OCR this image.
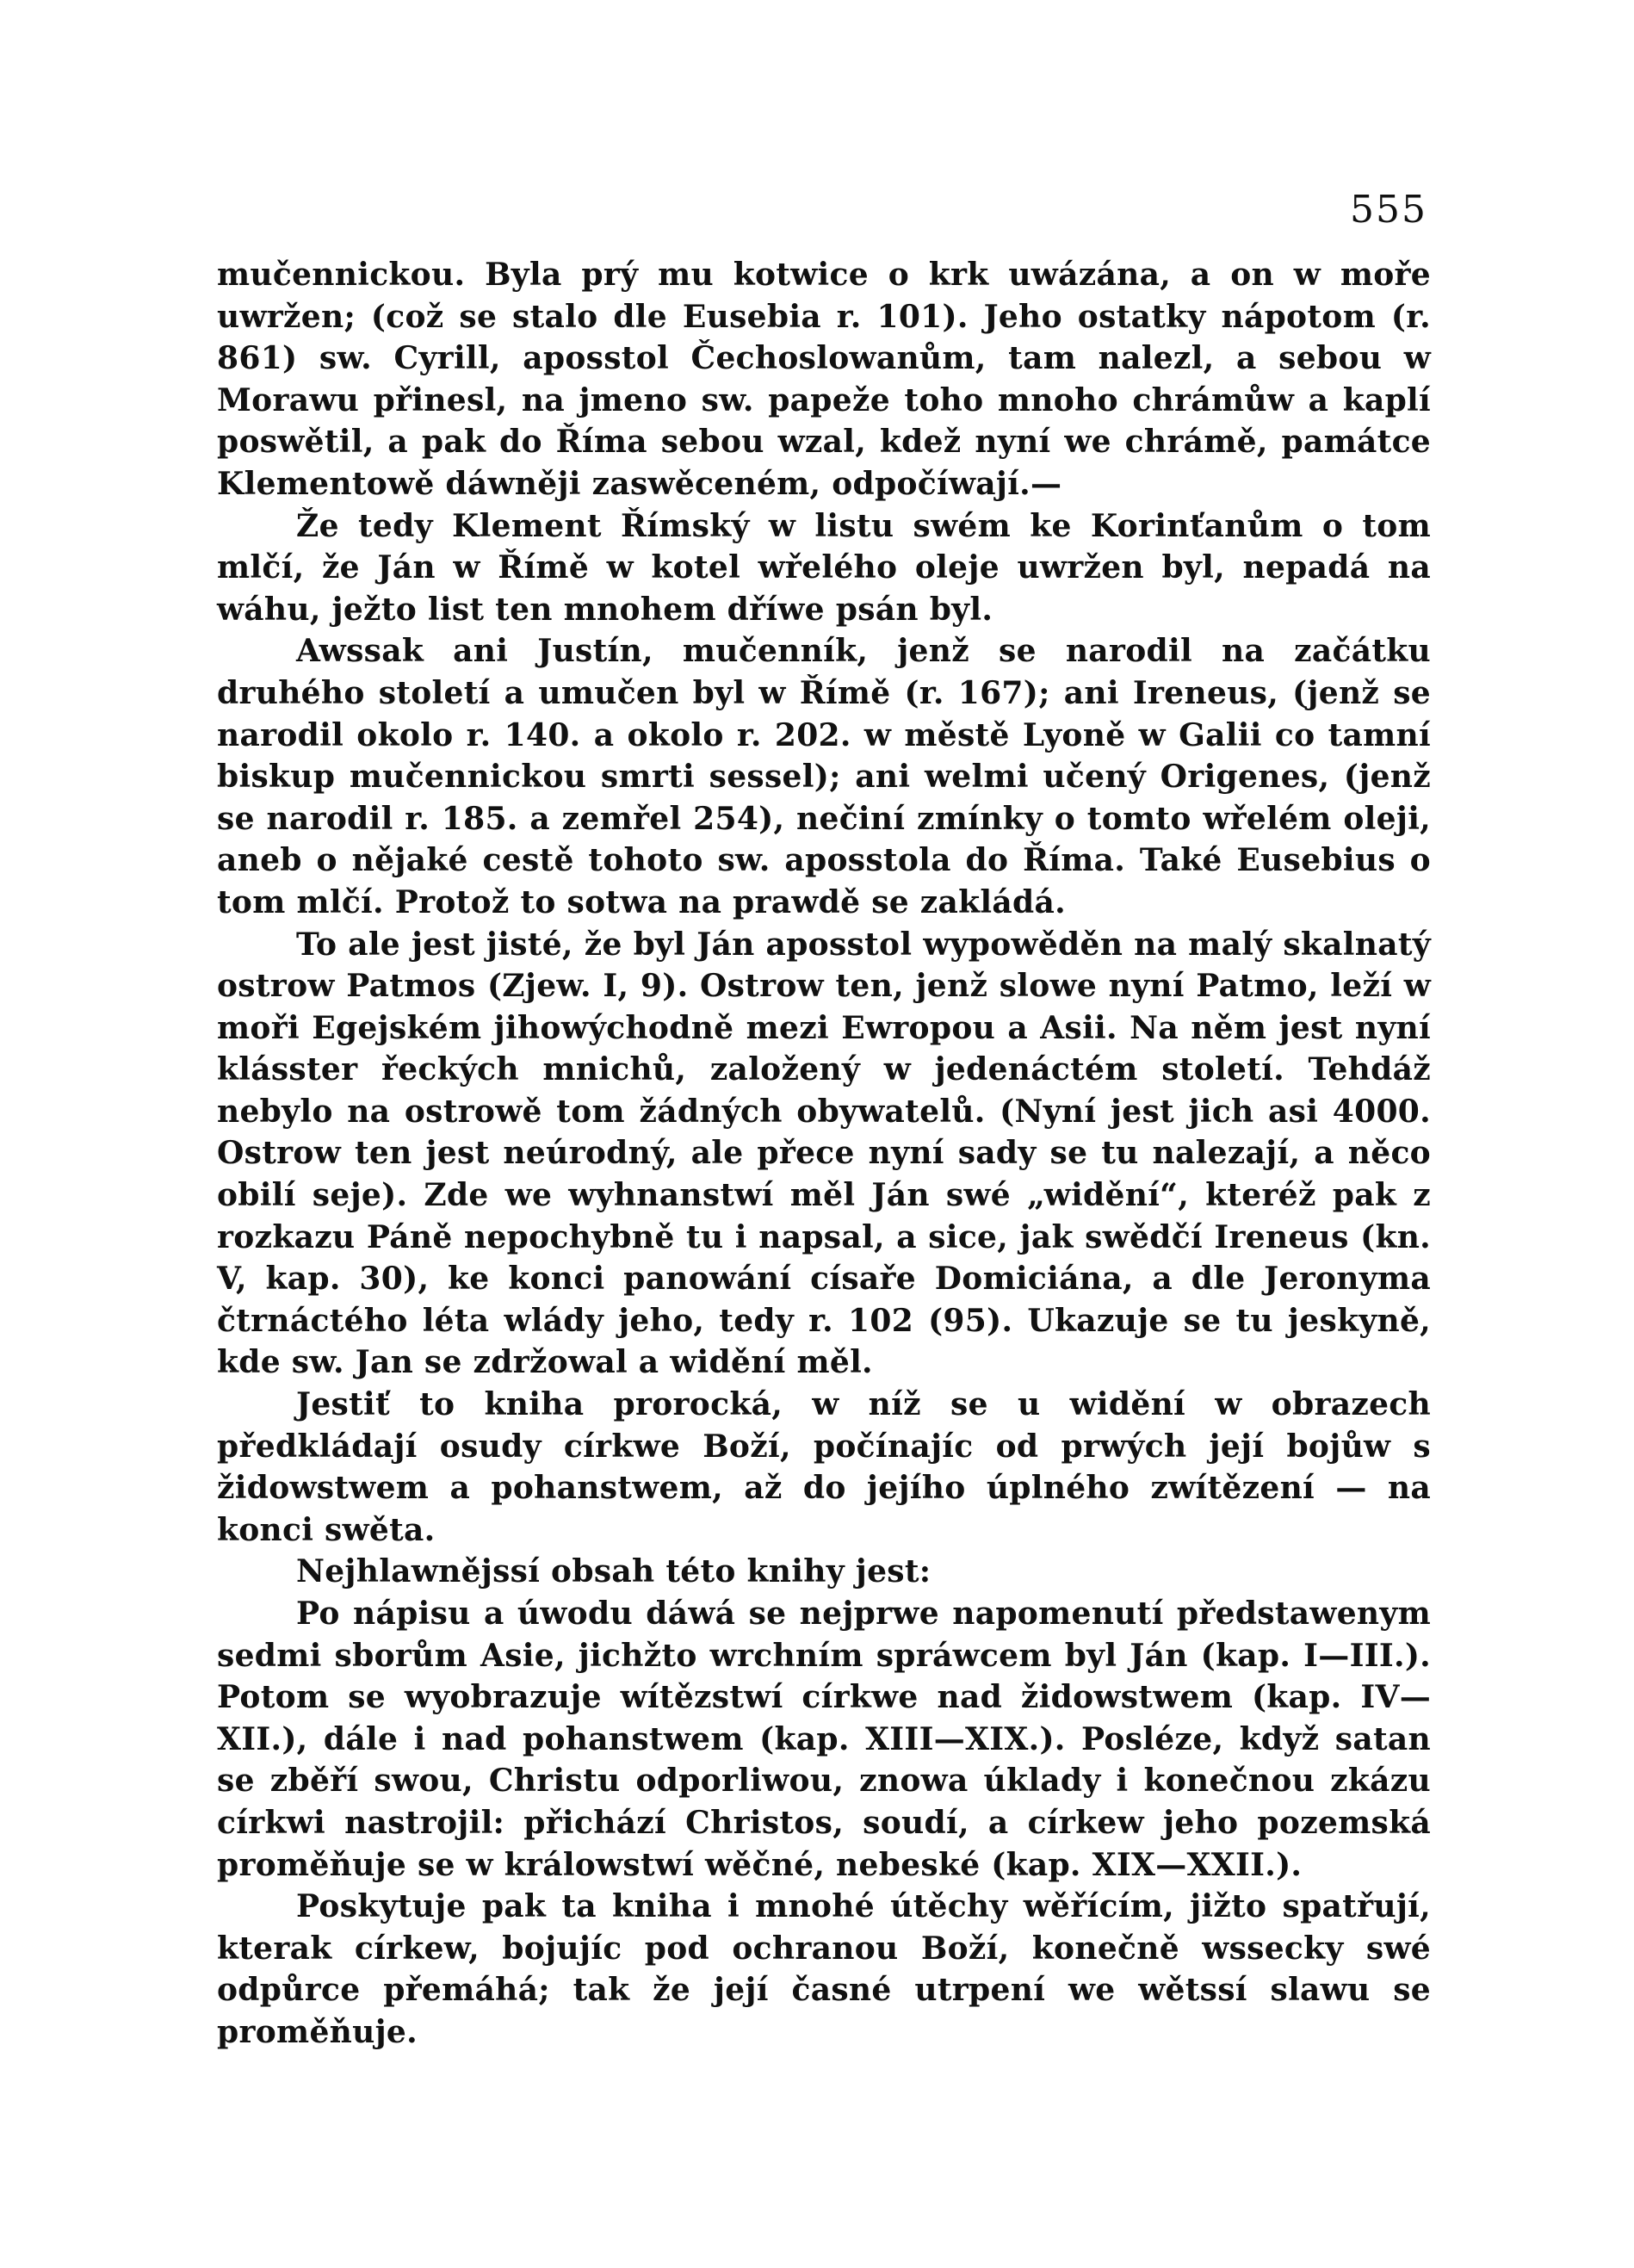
555

mučennickou. Byla prý mu kotwice o krk uwázána, a on w moře uwržen; (což se stalo dle Eusebia r. 101). Jeho ostatky nápotom (r. 861) sw. Cyrill, aposstol Čechoslowanům, tam nalezl, a sebou w Morawu přinesl, na jmeno sw. papeže toho mnoho chrámůw a kaplí poswětil, a pak do Říma sebou wzal, kdež nyní we chrámě, památce Klementowě dáwněji zaswěceném, odpočíwají.—

Že tedy Klement Římský w listu swém ke Korinťanům o tom mlčí, že Ján w Římě w kotel wřelého oleje uwržen byl, nepadá na wáhu, ježto list ten mnohem dříwe psán byl.

Awssak ani Justín, mučenník, jenž se narodil na začátku druhého století a umučen byl w Římě (r. 167); ani Ireneus, (jenž se narodil okolo r. 140. a okolo r. 202. w městě Lyoně w Galii co tamní biskup mučennickou smrti sessel); ani welmi učený Origenes, (jenž se narodil r. 185. a zemřel 254), nečiní zmínky o tomto wřelém oleji, aneb o nějaké cestě tohoto sw. aposstola do Říma. Také Eusebius o tom mlčí. Protož to sotwa na prawdě se zakládá.

To ale jest jisté, že byl Ján aposstol wypowěděn na malý skalnatý ostrow Patmos (Zjew. I, 9). Ostrow ten, jenž slowe nyní Patmo, leží w moři Egejském jihowýchodně mezi Ewropou a Asii. Na něm jest nyní klásster řeckých mnichů, založený w jedenáctém století. Tehdáž nebylo na ostrowě tom žádných obywatelů. (Nyní jest jich asi 4000. Ostrow ten jest neúrodný, ale přece nyní sady se tu nalezají, a něco obilí seje). Zde we wyhnanstwí měl Ján swé „widění“, kteréž pak z rozkazu Páně nepochybně tu i napsal, a sice, jak swědčí Ireneus (kn. V, kap. 30), ke konci panowání císaře Domiciána, a dle Jeronyma čtrnáctého léta wlády jeho, tedy r. 102 (95). Ukazuje se tu jeskyně, kde sw. Jan se zdržowal a widění měl.

Jestiť to kniha prorocká, w níž se u widění w obrazech předkládají osudy církwe Boží, počínajíc od prwých její bojůw s židowstwem a pohanstwem, až do jejího úplného zwítězení — na konci swěta.

Nejhlawnějssí obsah této knihy jest:

Po nápisu a úwodu dáwá se nejprwe napomenutí předstawenym sedmi sborům Asie, jichžto wrchním spráwcem byl Ján (kap. I—III.). Potom se wyobrazuje wítězstwí církwe nad židowstwem (kap. IV—XII.), dále i nad pohanstwem (kap. XIII—XIX.). Posléze, když satan se zběří swou, Christu odporliwou, znowa úklady i konečnou zkázu církwi nastrojil: přichází Christos, soudí, a církew jeho pozemská proměňuje se w králowstwí wěčné, nebeské (kap. XIX—XXII.).

Poskytuje pak ta kniha i mnohé útěchy wěřícím, jižto spatřují, kterak církew, bojujíc pod ochranou Boží, konečně wssecky swé odpůrce přemáhá; tak že její časné utrpení we wětssí slawu se proměňuje.
